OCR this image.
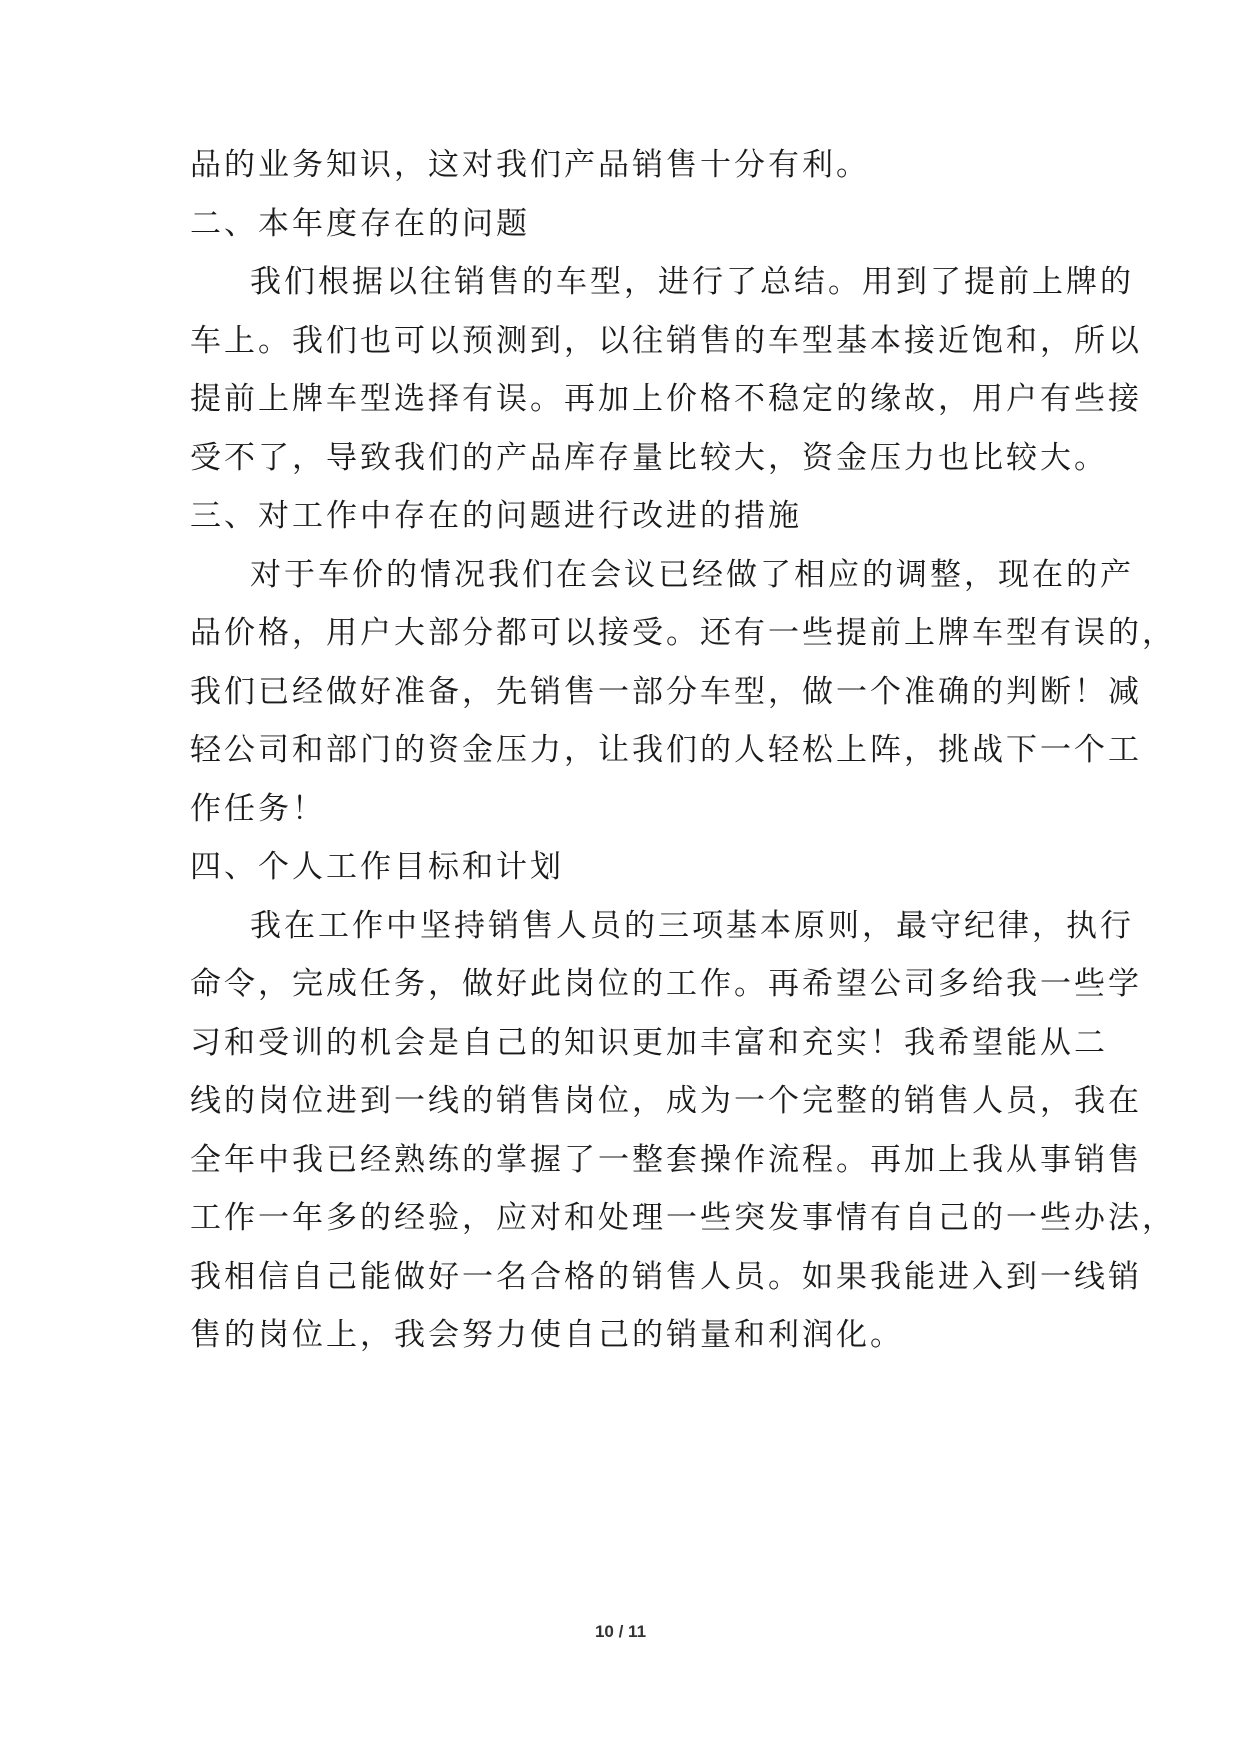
品的业务知识，这对我们产品销售十分有利。
二、本年度存在的问题
我们根据以往销售的车型，进行了总结。用到了提前上牌的
车上。我们也可以预测到，以往销售的车型基本接近饱和，所以
提前上牌车型选择有误。再加上价格不稳定的缘故，用户有些接
受不了，导致我们的产品库存量比较大，资金压力也比较大。
三、对工作中存在的问题进行改进的措施
对于车价的情况我们在会议已经做了相应的调整，现在的产
品价格，用户大部分都可以接受。还有一些提前上牌车型有误的，
我们已经做好准备，先销售一部分车型，做一个准确的判断！减
轻公司和部门的资金压力，让我们的人轻松上阵，挑战下一个工
作任务！
四、个人工作目标和计划
我在工作中坚持销售人员的三项基本原则，最守纪律，执行
命令，完成任务，做好此岗位的工作。再希望公司多给我一些学
习和受训的机会是自己的知识更加丰富和充实！我希望能从二
线的岗位进到一线的销售岗位，成为一个完整的销售人员，我在
全年中我已经熟练的掌握了一整套操作流程。再加上我从事销售
工作一年多的经验，应对和处理一些突发事情有自己的一些办法，
我相信自己能做好一名合格的销售人员。如果我能进入到一线销
售的岗位上，我会努力使自己的销量和利润化。
10 / 11
